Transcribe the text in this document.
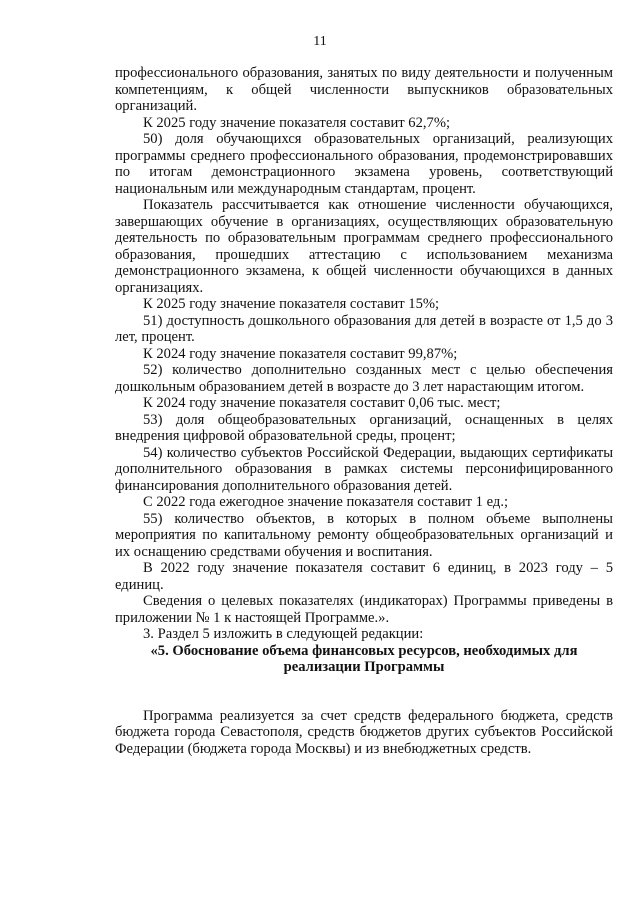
11

профессионального образования, занятых по виду деятельности и полученным компетенциям, к общей численности выпускников образовательных организаций.

К 2025 году значение показателя составит 62,7%;

50) доля обучающихся образовательных организаций, реализующих программы среднего профессионального образования, продемонстрировавших по итогам демонстрационного экзамена уровень, соответствующий национальным или международным стандартам, процент.

Показатель рассчитывается как отношение численности обучающихся, завершающих обучение в организациях, осуществляющих образовательную деятельность по образовательным программам среднего профессионального образования, прошедших аттестацию с использованием механизма демонстрационного экзамена, к общей численности обучающихся в данных организациях.

К 2025 году значение показателя составит 15%;

51) доступность дошкольного образования для детей в возрасте от 1,5 до 3 лет, процент.

К 2024 году значение показателя составит 99,87%;

52) количество дополнительно созданных мест с целью обеспечения дошкольным образованием детей в возрасте до 3 лет нарастающим итогом.

К 2024 году значение показателя составит 0,06 тыс. мест;

53) доля общеобразовательных организаций, оснащенных в целях внедрения цифровой образовательной среды, процент;

54) количество субъектов Российской Федерации, выдающих сертификаты дополнительного образования в рамках системы персонифицированного финансирования дополнительного образования детей.

С 2022 года ежегодное значение показателя составит 1 ед.;

55) количество объектов, в которых в полном объеме выполнены мероприятия по капитальному ремонту общеобразовательных организаций и их оснащению средствами обучения и воспитания.

В 2022 году значение показателя составит 6 единиц, в 2023 году – 5 единиц.

Сведения о целевых показателях (индикаторах) Программы приведены в приложении № 1 к настоящей Программе.».

3. Раздел 5 изложить в следующей редакции:

«5. Обоснование объема финансовых ресурсов, необходимых для реализации Программы

Программа реализуется за счет средств федерального бюджета, средств бюджета города Севастополя, средств бюджетов других субъектов Российской Федерации (бюджета города Москвы) и из внебюджетных средств.
